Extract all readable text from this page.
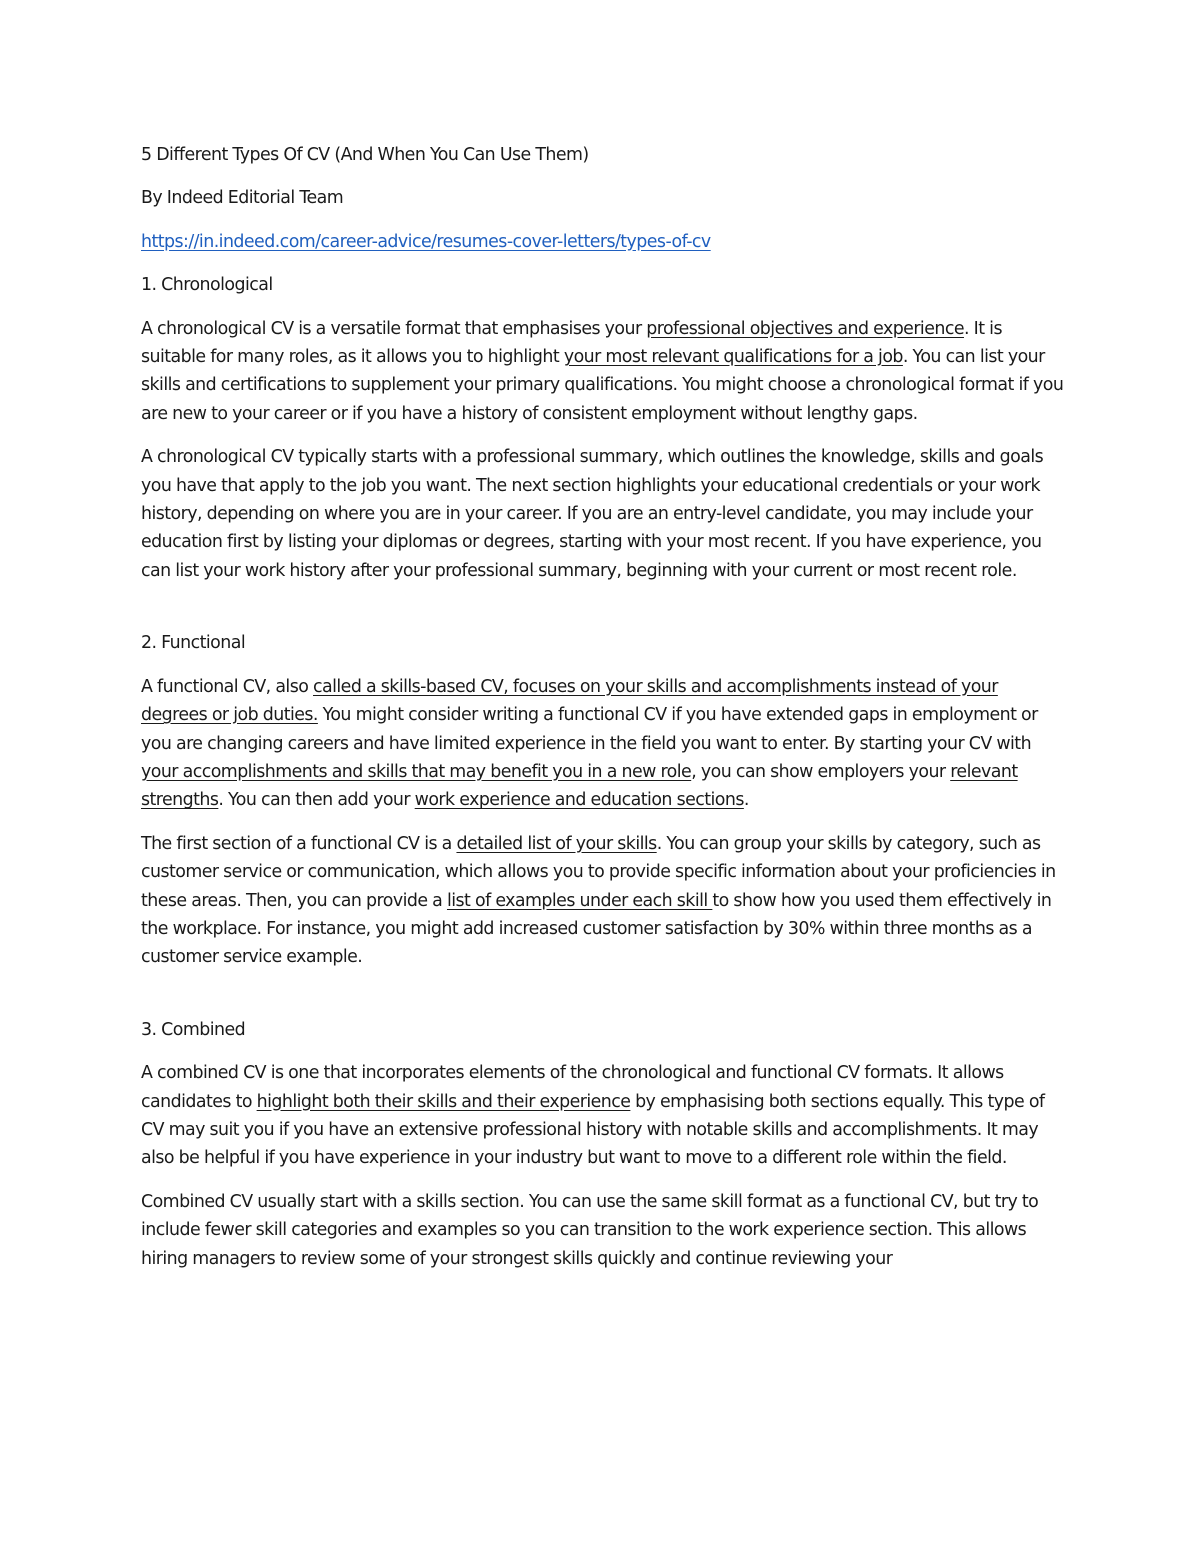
5 Different Types Of CV (And When You Can Use Them)

By Indeed Editorial Team

https://in.indeed.com/career-advice/resumes-cover-letters/types-of-cv

1. Chronological

A chronological CV is a versatile format that emphasises your professional objectives and experience. It is suitable for many roles, as it allows you to highlight your most relevant qualifications for a job. You can list your skills and certifications to supplement your primary qualifications. You might choose a chronological format if you are new to your career or if you have a history of consistent employment without lengthy gaps.

A chronological CV typically starts with a professional summary, which outlines the knowledge, skills and goals you have that apply to the job you want. The next section highlights your educational credentials or your work history, depending on where you are in your career. If you are an entry-level candidate, you may include your education first by listing your diplomas or degrees, starting with your most recent. If you have experience, you can list your work history after your professional summary, beginning with your current or most recent role.

2. Functional

A functional CV, also called a skills-based CV, focuses on your skills and accomplishments instead of your degrees or job duties. You might consider writing a functional CV if you have extended gaps in employment or you are changing careers and have limited experience in the field you want to enter. By starting your CV with your accomplishments and skills that may benefit you in a new role, you can show employers your relevant strengths. You can then add your work experience and education sections.

The first section of a functional CV is a detailed list of your skills. You can group your skills by category, such as customer service or communication, which allows you to provide specific information about your proficiencies in these areas. Then, you can provide a list of examples under each skill to show how you used them effectively in the workplace. For instance, you might add increased customer satisfaction by 30% within three months as a customer service example.

3. Combined

A combined CV is one that incorporates elements of the chronological and functional CV formats. It allows candidates to highlight both their skills and their experience by emphasising both sections equally. This type of CV may suit you if you have an extensive professional history with notable skills and accomplishments. It may also be helpful if you have experience in your industry but want to move to a different role within the field.

Combined CV usually start with a skills section. You can use the same skill format as a functional CV, but try to include fewer skill categories and examples so you can transition to the work experience section. This allows hiring managers to review some of your strongest skills quickly and continue reviewing your
